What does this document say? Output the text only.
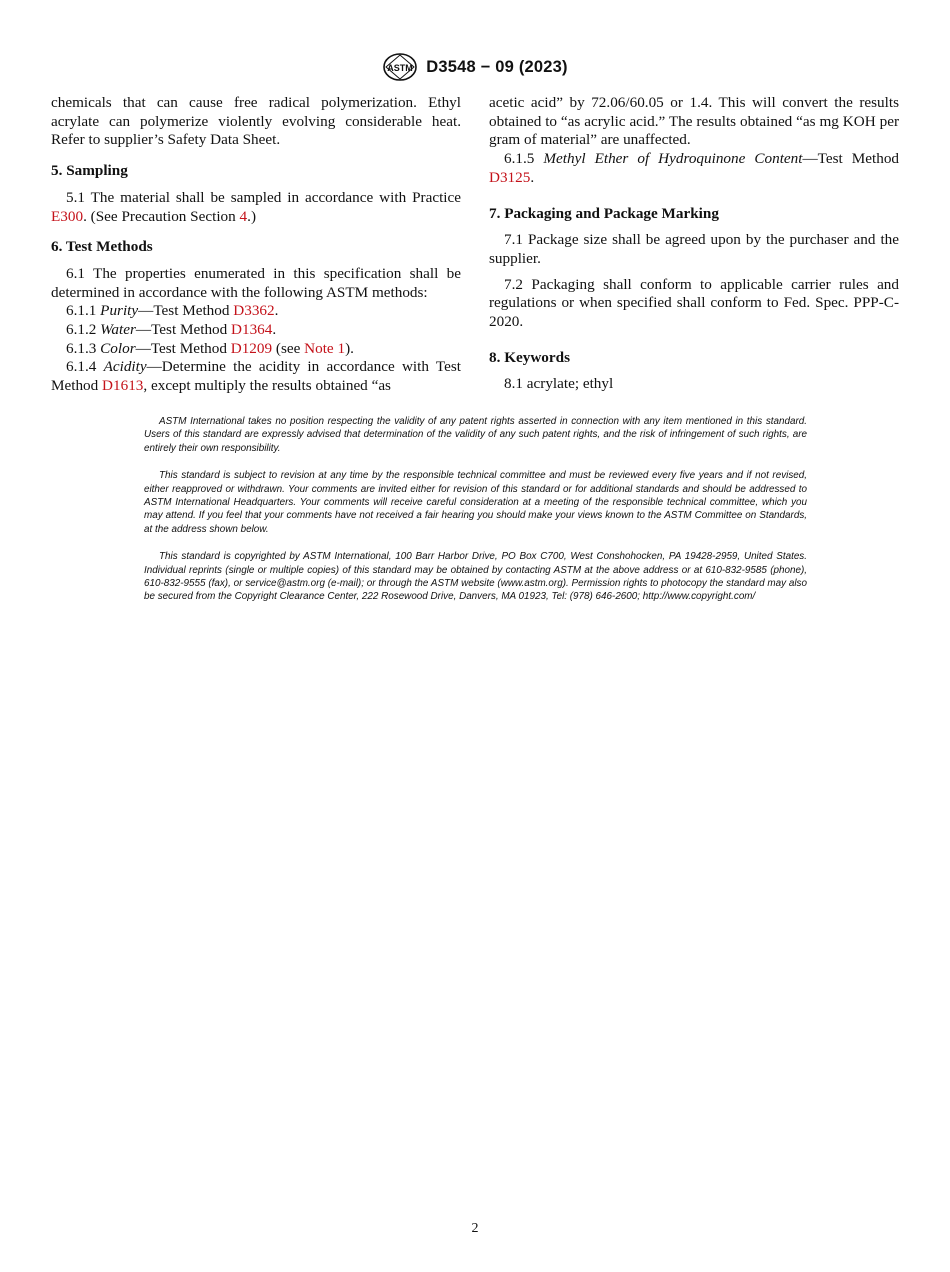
ASTM D3548 − 09 (2023)

chemicals that can cause free radical polymerization. Ethyl acrylate can polymerize violently evolving considerable heat. Refer to supplier’s Safety Data Sheet.

5. Sampling

5.1 The material shall be sampled in accordance with Practice E300. (See Precaution Section 4.)

6. Test Methods

6.1 The properties enumerated in this specification shall be determined in accordance with the following ASTM methods:

6.1.1 Purity—Test Method D3362.

6.1.2 Water—Test Method D1364.

6.1.3 Color—Test Method D1209 (see Note 1).

6.1.4 Acidity—Determine the acidity in accordance with Test Method D1613, except multiply the results obtained “as

acetic acid” by 72.06/60.05 or 1.4. This will convert the results obtained to “as acrylic acid.” The results obtained “as mg KOH per gram of material” are unaffected.

6.1.5 Methyl Ether of Hydroquinone Content—Test Method D3125.

7. Packaging and Package Marking

7.1 Package size shall be agreed upon by the purchaser and the supplier.

7.2 Packaging shall conform to applicable carrier rules and regulations or when specified shall conform to Fed. Spec. PPP-C-2020.

8. Keywords

8.1 acrylate; ethyl

ASTM International takes no position respecting the validity of any patent rights asserted in connection with any item mentioned in this standard. Users of this standard are expressly advised that determination of the validity of any such patent rights, and the risk of infringement of such rights, are entirely their own responsibility.

This standard is subject to revision at any time by the responsible technical committee and must be reviewed every five years and if not revised, either reapproved or withdrawn. Your comments are invited either for revision of this standard or for additional standards and should be addressed to ASTM International Headquarters. Your comments will receive careful consideration at a meeting of the responsible technical committee, which you may attend. If you feel that your comments have not received a fair hearing you should make your views known to the ASTM Committee on Standards, at the address shown below.

This standard is copyrighted by ASTM International, 100 Barr Harbor Drive, PO Box C700, West Conshohocken, PA 19428-2959, United States. Individual reprints (single or multiple copies) of this standard may be obtained by contacting ASTM at the above address or at 610-832-9585 (phone), 610-832-9555 (fax), or service@astm.org (e-mail); or through the ASTM website (www.astm.org). Permission rights to photocopy the standard may also be secured from the Copyright Clearance Center, 222 Rosewood Drive, Danvers, MA 01923, Tel: (978) 646-2600; http://www.copyright.com/

2
